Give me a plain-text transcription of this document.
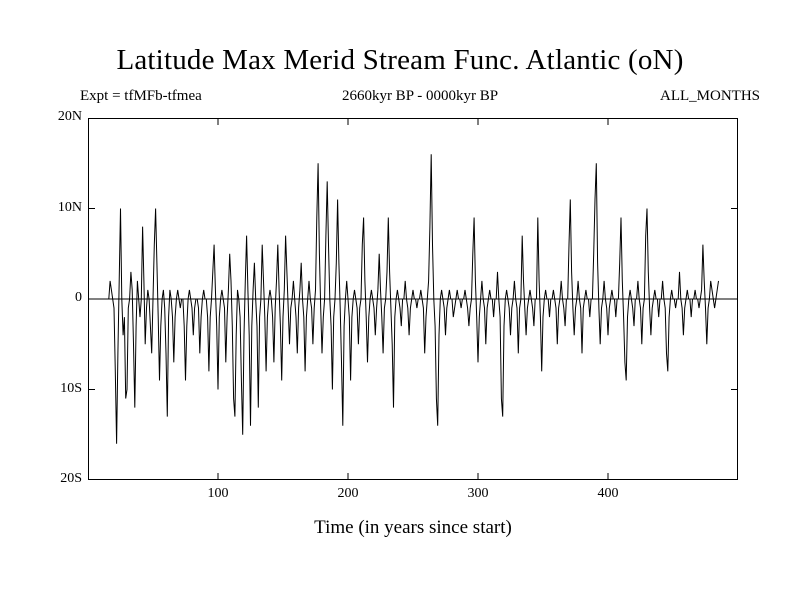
Latitude Max Merid Stream Func. Atlantic (oN)
Expt = tfMFb-tfmea	2660kyr BP - 0000kyr BP	ALL_MONTHS
20N
10N
0
10S
20S
100	200	300	400
Time (in years since start)
